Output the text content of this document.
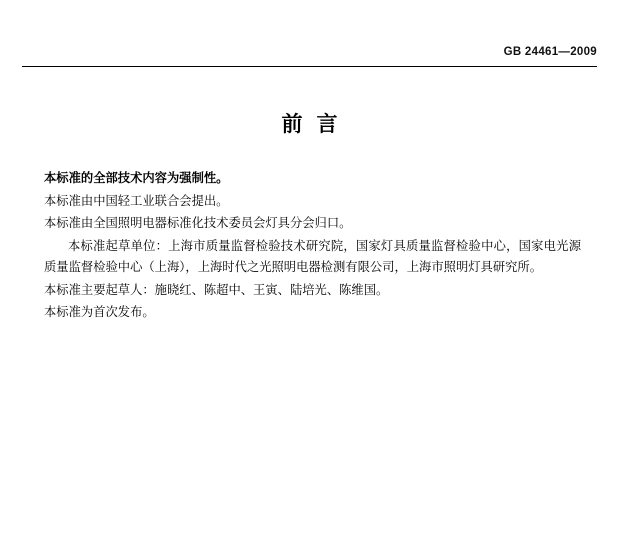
GB 24461—2009
前言

本标准的全部技术内容为强制性。

本标准由中国轻工业联合会提出。

本标准由全国照明电器标准化技术委员会灯具分会归口。

本标准起草单位：上海市质量监督检验技术研究院，国家灯具质量监督检验中心，国家电光源质量监督检验中心（上海），上海时代之光照明电器检测有限公司，上海市照明灯具研究所。

本标准主要起草人：施晓红、陈超中、王寅、陆培光、陈维国。

本标准为首次发布。
